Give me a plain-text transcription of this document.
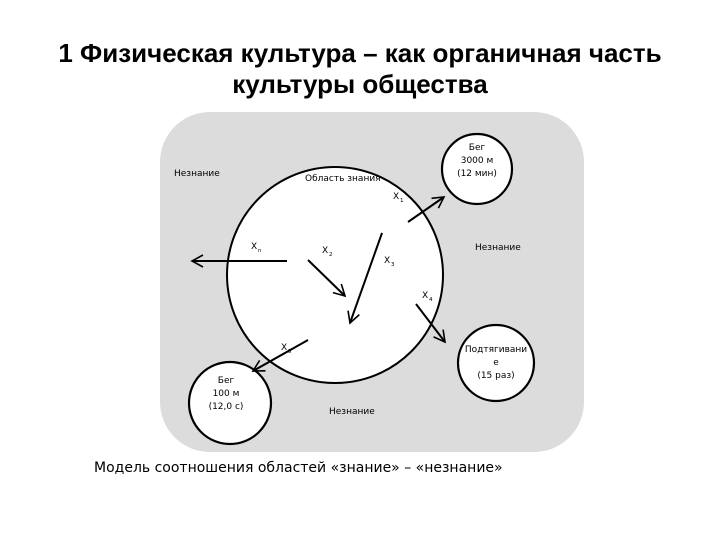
1 Физическая культура – как органичная часть
культуры общества
Незнание	Область знания
Незнание
Незнание
X n	X 2
X 3
X 1
X 4
X 5
Бег
3000 м
(12 мин)
Подтягивани
е
(15 раз)
Бег
100 м
(12,0 с)
Модель соотношения областей «знание» – «незнание»
